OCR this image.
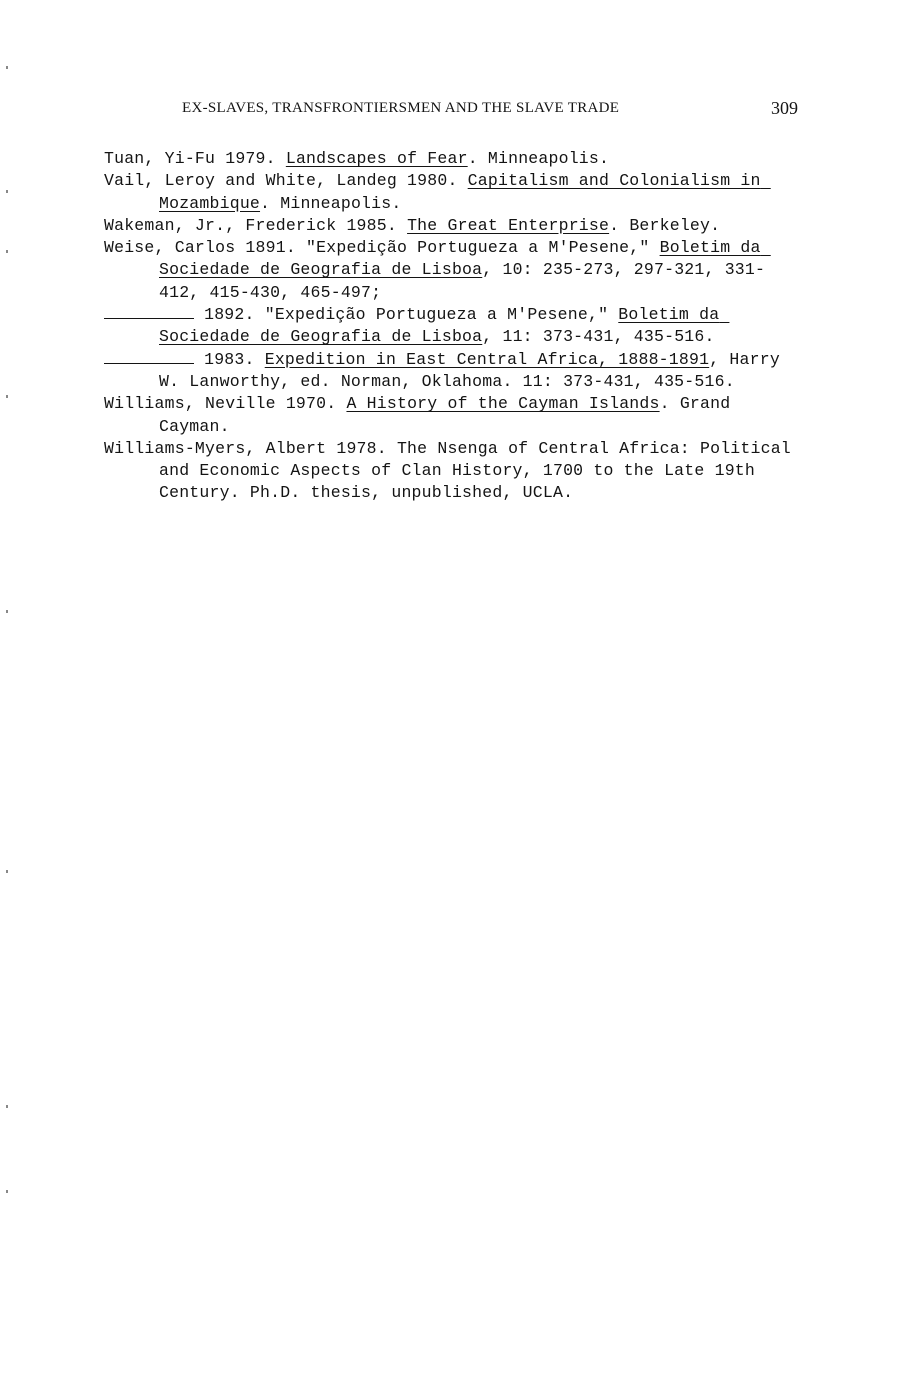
EX-SLAVES, TRANSFRONTIERSMEN AND THE SLAVE TRADE	309
Tuan, Yi-Fu 1979. Landscapes of Fear. Minneapolis.
Vail, Leroy and White, Landeg 1980. Capitalism and Colonialism in Mozambique. Minneapolis.
Wakeman, Jr., Frederick 1985. The Great Enterprise. Berkeley.
Weise, Carlos 1891. "Expedição Portugueza a M'Pesene," Boletim da Sociedade de Geografia de Lisboa, 10: 235-273, 297-321, 331-412, 415-430, 465-497;
1892. "Expedição Portugueza a M'Pesene," Boletim da Sociedade de Geografia de Lisboa, 11: 373-431, 435-516.
1983. Expedition in East Central Africa, 1888-1891, Harry W. Lanworthy, ed. Norman, Oklahoma. 11: 373-431, 435-516.
Williams, Neville 1970. A History of the Cayman Islands. Grand Cayman.
Williams-Myers, Albert 1978. The Nsenga of Central Africa: Political and Economic Aspects of Clan History, 1700 to the Late 19th Century. Ph.D. thesis, unpublished, UCLA.
